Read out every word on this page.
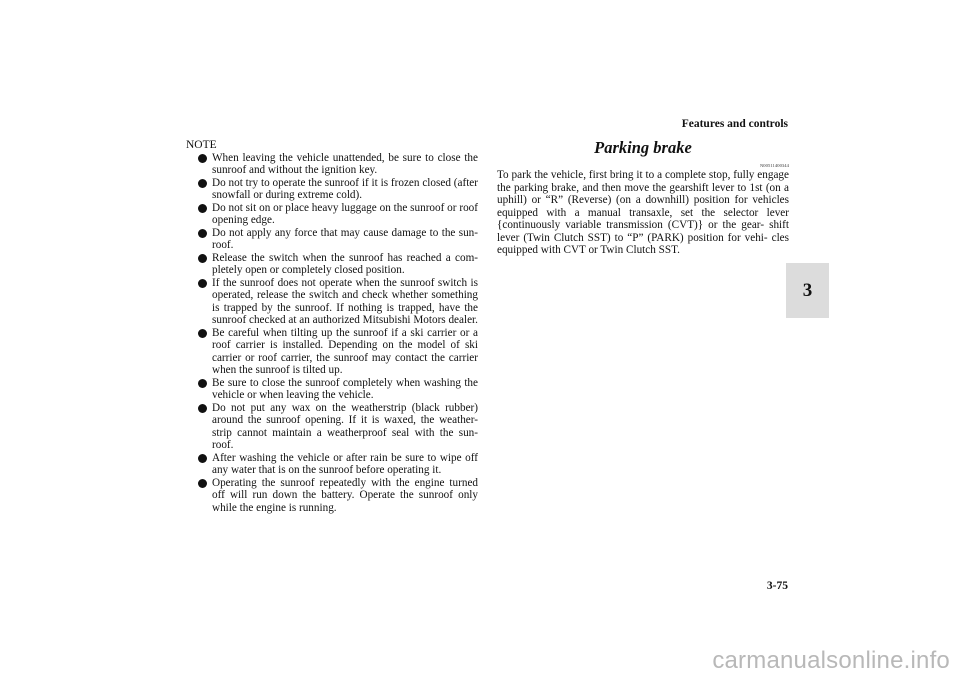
Features and controls
3
NOTE
When leaving the vehicle unattended, be sure to close the sunroof and without the ignition key.
Do not try to operate the sunroof if it is frozen closed (after snowfall or during extreme cold).
Do not sit on or place heavy luggage on the sunroof or roof opening edge.
Do not apply any force that may cause damage to the sun- roof.
Release the switch when the sunroof has reached a com- pletely open or completely closed position.
If the sunroof does not operate when the sunroof switch is operated, release the switch and check whether something is trapped by the sunroof. If nothing is trapped, have the sunroof checked at an authorized Mitsubishi Motors dealer.
Be careful when tilting up the sunroof if a ski carrier or a roof carrier is installed. Depending on the model of ski carrier or roof carrier, the sunroof may contact the carrier when the sunroof is tilted up.
Be sure to close the sunroof completely when washing the vehicle or when leaving the vehicle.
Do not put any wax on the weatherstrip (black rubber) around the sunroof opening. If it is waxed, the weather- strip cannot maintain a weatherproof seal with the sun- roof.
After washing the vehicle or after rain be sure to wipe off any water that is on the sunroof before operating it.
Operating the sunroof repeatedly with the engine turned off will run down the battery. Operate the sunroof only while the engine is running.
Parking brake
N00511400344
To park the vehicle, first bring it to a complete stop, fully engage the parking brake, and then move the gearshift lever to 1st (on a uphill) or “R” (Reverse) (on a downhill) position for vehicles equipped with a manual transaxle, set the selector lever {continuously variable transmission (CVT)} or the gear- shift lever (Twin Clutch SST) to “P” (PARK) position for vehi- cles equipped with CVT or Twin Clutch SST.
3-75
carmanualsonline.info
